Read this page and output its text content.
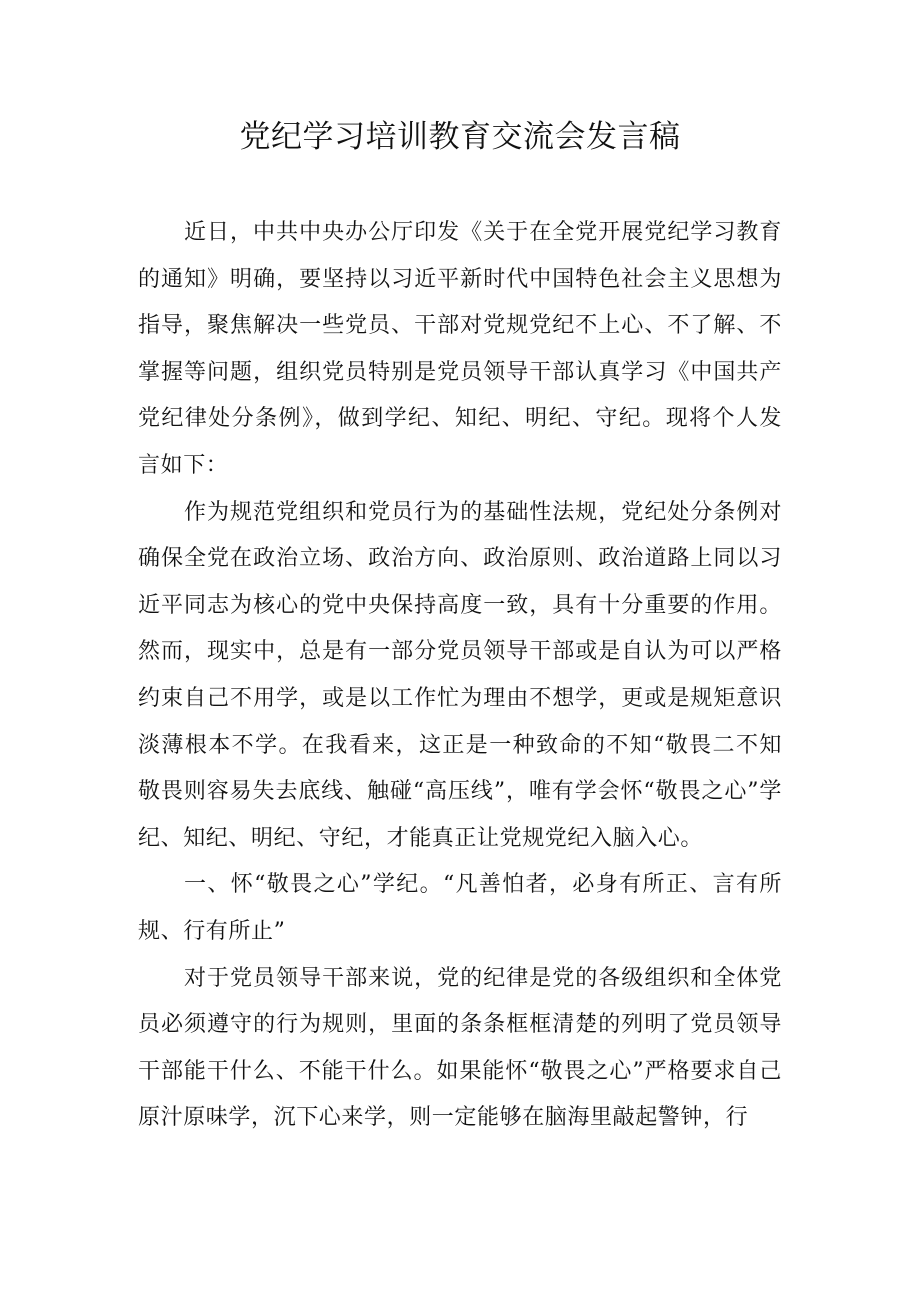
党纪学习培训教育交流会发言稿

近日，中共中央办公厅印发《关于在全党开展党纪学习教育的通知》明确，要坚持以习近平新时代中国特色社会主义思想为指导，聚焦解决一些党员、干部对党规党纪不上心、不了解、不掌握等问题，组织党员特别是党员领导干部认真学习《中国共产党纪律处分条例》，做到学纪、知纪、明纪、守纪。现将个人发言如下：

作为规范党组织和党员行为的基础性法规，党纪处分条例对确保全党在政治立场、政治方向、政治原则、政治道路上同以习近平同志为核心的党中央保持高度一致，具有十分重要的作用。然而，现实中，总是有一部分党员领导干部或是自认为可以严格约束自己不用学，或是以工作忙为理由不想学，更或是规矩意识淡薄根本不学。在我看来，这正是一种致命的不知“敬畏二不知敬畏则容易失去底线、触碰“高压线”，唯有学会怀“敬畏之心”学纪、知纪、明纪、守纪，才能真正让党规党纪入脑入心。

一、怀“敬畏之心”学纪。“凡善怕者，必身有所正、言有所规、行有所止”

对于党员领导干部来说，党的纪律是党的各级组织和全体党员必须遵守的行为规则，里面的条条框框清楚的列明了党员领导干部能干什么、不能干什么。如果能怀“敬畏之心”严格要求自己原汁原味学，沉下心来学，则一定能够在脑海里敲起警钟，行
